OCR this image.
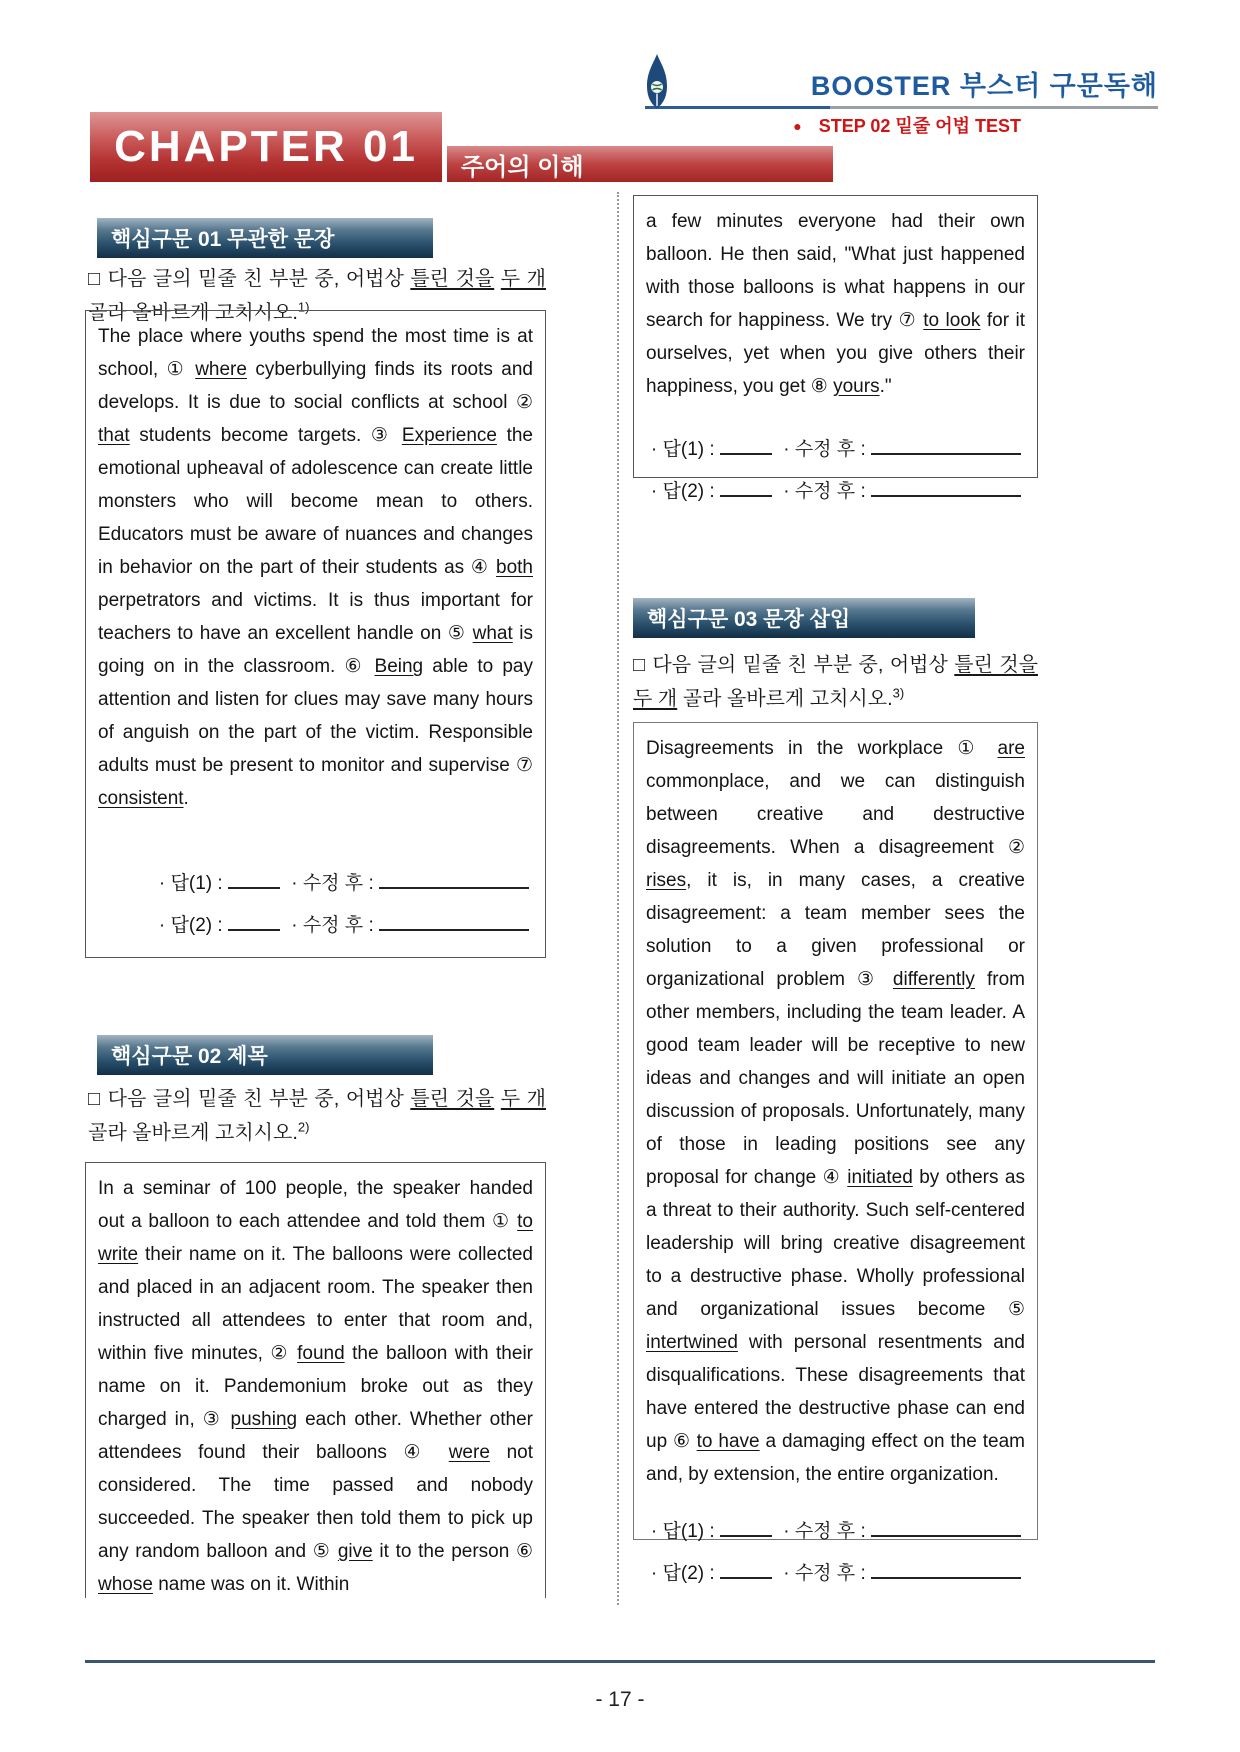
BOOSTER 부스터 구문독해
● STEP 02 밑줄 어법 TEST
CHAPTER 01 주어의 이해
핵심구문 01 무관한 문장
□ 다음 글의 밑줄 친 부분 중, 어법상 틀린 것을 두 개 골라 올바르게 고치시오.$^{1)}$
The place where youths spend the most time is at school, ① where cyberbullying finds its roots and develops. It is due to social conflicts at school ② that students become targets. ③ Experience the emotional upheaval of adolescence can create little monsters who will become mean to others. Educators must be aware of nuances and changes in behavior on the part of their students as ④ both perpetrators and victims. It is thus important for teachers to have an excellent handle on ⑤ what is going on in the classroom. ⑥ Being able to pay attention and listen for clues may save many hours of anguish on the part of the victim. Responsible adults must be present to monitor and supervise ⑦ consistent.
· 답(1) :	· 수정 후 :
· 답(2) :	· 수정 후 :
핵심구문 02 제목
□ 다음 글의 밑줄 친 부분 중, 어법상 틀린 것을 두 개 골라 올바르게 고치시오.$^{2)}$
In a seminar of 100 people, the speaker handed out a balloon to each attendee and told them ① to write their name on it. The balloons were collected and placed in an adjacent room. The speaker then instructed all attendees to enter that room and, within five minutes, ② found the balloon with their name on it. Pandemonium broke out as they charged in, ③ pushing each other. Whether other attendees found their balloons ④ were not considered. The time passed and nobody succeeded. The speaker then told them to pick up any random balloon and ⑤ give it to the person ⑥ whose name was on it. Within
a few minutes everyone had their own balloon. He then said, "What just happened with those balloons is what happens in our search for happiness. We try ⑦ to look for it ourselves, yet when you give others their happiness, you get ⑧ yours."
· 답(1) :	· 수정 후 :
· 답(2) :	· 수정 후 :
핵심구문 03 문장 삽입
□ 다음 글의 밑줄 친 부분 중, 어법상 틀린 것을 두 개 골라 올바르게 고치시오.$^{3)}$
Disagreements in the workplace ① are commonplace, and we can distinguish between creative and destructive disagreements. When a disagreement ② rises, it is, in many cases, a creative disagreement: a team member sees the solution to a given professional or organizational problem ③ differently from other members, including the team leader. A good team leader will be receptive to new ideas and changes and will initiate an open discussion of proposals. Unfortunately, many of those in leading positions see any proposal for change ④ initiated by others as a threat to their authority. Such self-centered leadership will bring creative disagreement to a destructive phase. Wholly professional and organizational issues become ⑤ intertwined with personal resentments and disqualifications. These disagreements that have entered the destructive phase can end up ⑥ to have a damaging effect on the team and, by extension, the entire organization.
· 답(1) :	· 수정 후 :
· 답(2) :	· 수정 후 :
- 17 -
